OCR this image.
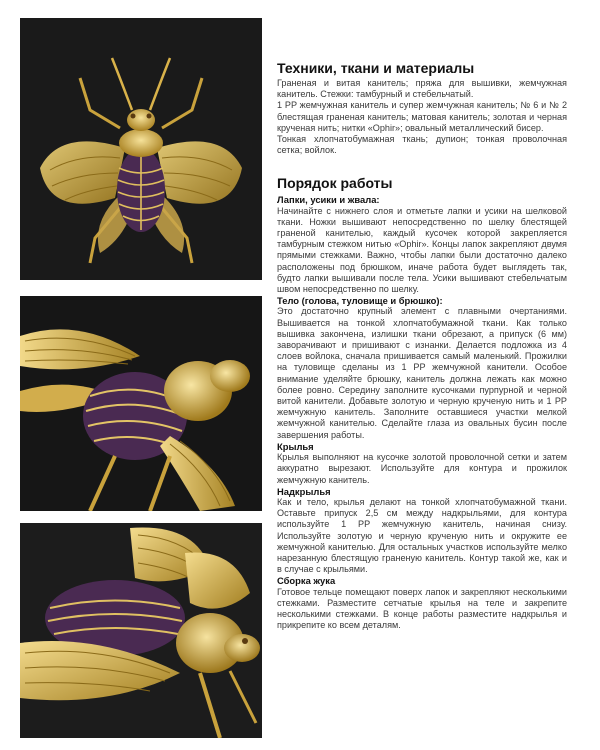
Техники, ткани и материалы

Граненая и витая канитель; пряжа для вышивки, жемчужная канитель. Стежки: тамбурный и стебельчатый.

1 PP жемчужная канитель и супер жемчужная канитель; № 6 и № 2 блестящая граненая канитель; матовая канитель; золотая и черная крученая нить; нитки «Ophir»; овальный металлический бисер.

Тонкая хлопчатобумажная ткань; дупион; тонкая проволочная сетка; войлок.

Порядок работы
Лапки, усики и жвала:

Начинайте с нижнего слоя и отметьте лапки и усики на шелковой ткани. Ножки вышивают непосредственно по шелку блестящей граненой канителью, каждый кусочек которой закрепляется тамбурным стежком нитью «Ophir». Концы лапок закрепляют двумя прямыми стежками. Важно, чтобы лапки были достаточно далеко расположены под брюшком, иначе работа будет выглядеть так, будто лапки вышивали после тела. Усики вышивают стебельчатым швом непосредственно по шелку.

Тело (голова, туловище и брюшко):

Это достаточно крупный элемент с плавными очертаниями. Вышивается на тонкой хлопчатобумажной ткани. Как только вышивка закончена, излишки ткани обрезают, а припуск (6 мм) заворачивают и пришивают с изнанки. Делается подложка из 4 слоев войлока, сначала пришивается самый маленький. Прожилки на туловище сделаны из 1 PP жемчужной канители. Особое внимание уделяйте брюшку, канитель должна лежать как можно более ровно. Середину заполните кусочками пурпурной и черной витой канители. Добавьте золотую и черную крученую нить и 1 PP жемчужную канитель. Заполните оставшиеся участки мелкой жемчужной канителью. Сделайте глаза из овальных бусин после завершения работы.

Крылья

Крылья выполняют на кусочке золотой проволочной сетки и затем аккуратно вырезают. Используйте для контура и прожилок жемчужную канитель.

Надкрылья

Как и тело, крылья делают на тонкой хлопчатобумажной ткани. Оставьте припуск 2,5 см между надкрыльями, для контура используйте 1 PP жемчужную канитель, начиная снизу. Используйте золотую и черную крученую нить и окружите ее жемчужной канителью. Для остальных участков используйте мелко нарезанную блестящую граненую канитель. Контур такой же, как и в случае с крыльями.

Сборка жука

Готовое тельце помещают поверх лапок и закрепляют несколькими стежками. Разместите сетчатые крылья на теле и закрепите несколькими стежками. В конце работы разместите надкрылья и прикрепите ко всем деталям.
